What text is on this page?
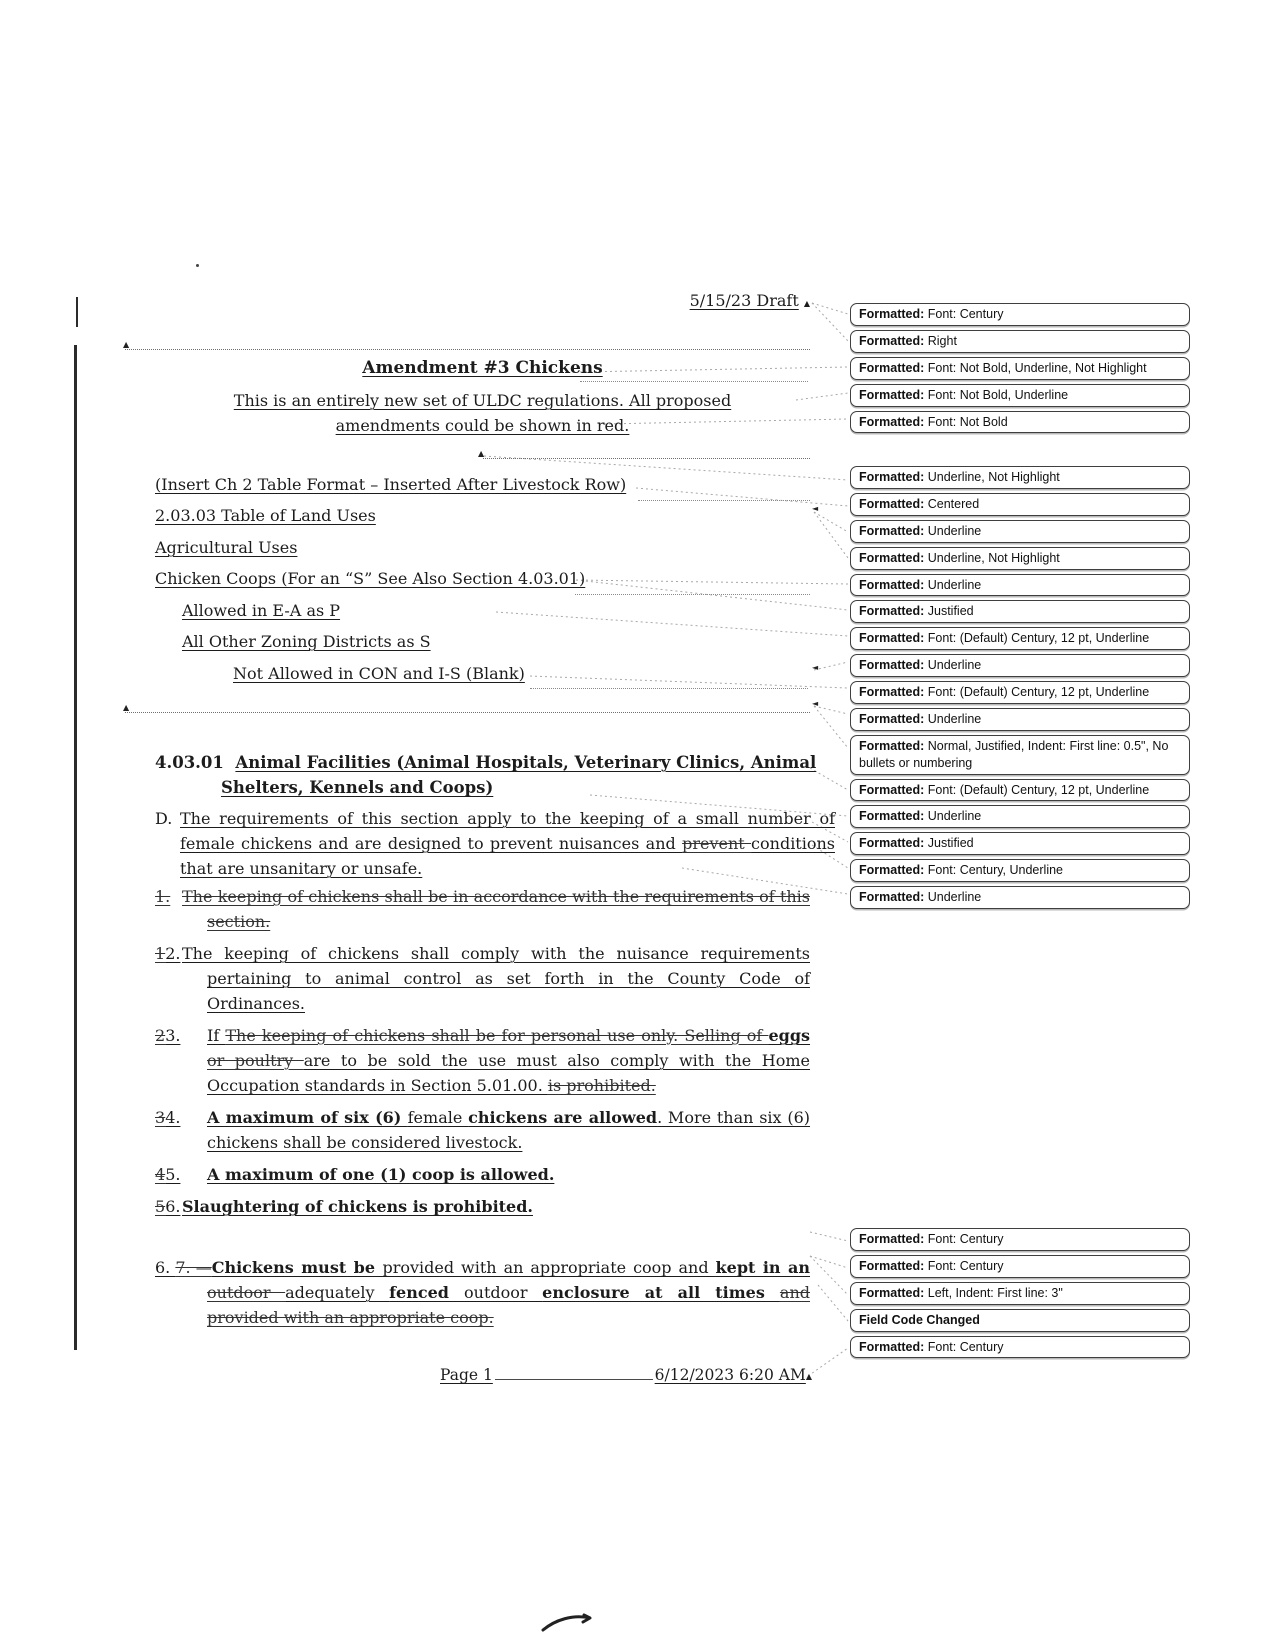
▲
▲
▲
◄
◄
◄
5/15/23 Draft ▲
Amendment #3 Chickens
This is an entirely new set of ULDC regulations. All proposed amendments could be shown in red.
(Insert Ch 2 Table Format – Inserted After Livestock Row)
2.03.03 Table of Land Uses
Agricultural Uses
Chicken Coops (For an “S” See Also Section 4.03.01)
Allowed in E-A as P
All Other Zoning Districts as S
Not Allowed in CON and I-S (Blank)
4.03.01 Animal Facilities (Animal Hospitals, Veterinary Clinics, Animal Shelters, Kennels and Coops)
D. The requirements of this section apply to the keeping of a small number of female chickens and are designed to prevent nuisances and prevent conditions that are unsanitary or unsafe.
1. The keeping of chickens shall be in accordance with the requirements of this section.
12.The keeping of chickens shall comply with the nuisance requirements pertaining to animal control as set forth in the County Code of Ordinances.
23. If The keeping of chickens shall be for personal use only. Selling of eggs or poultry are to be sold the use must also comply with the Home Occupation standards in Section 5.01.00. is prohibited.
34. A maximum of six (6) female chickens are allowed. More than six (6) chickens shall be considered livestock.
45. A maximum of one (1) coop is allowed.
56.Slaughtering of chickens is prohibited.
6. 7. —Chickens must be provided with an appropriate coop and kept in an outdoor adequately fenced outdoor enclosure at all times and provided with an appropriate coop.
Page 1	6/12/2023 6:20 AM ▲
Formatted: Font: Century
Formatted: Right
Formatted: Font: Not Bold, Underline, Not Highlight
Formatted: Font: Not Bold, Underline
Formatted: Font: Not Bold
Formatted: Underline, Not Highlight
Formatted: Centered
Formatted: Underline
Formatted: Underline, Not Highlight
Formatted: Underline
Formatted: Justified
Formatted: Font: (Default) Century, 12 pt, Underline
Formatted: Underline
Formatted: Font: (Default) Century, 12 pt, Underline
Formatted: Underline
Formatted: Normal, Justified, Indent: First line: 0.5", No bullets or numbering
Formatted: Font: (Default) Century, 12 pt, Underline
Formatted: Underline
Formatted: Justified
Formatted: Font: Century, Underline
Formatted: Underline
Formatted: Font: Century
Formatted: Font: Century
Formatted: Left, Indent: First line: 3"
Field Code Changed
Formatted: Font: Century
